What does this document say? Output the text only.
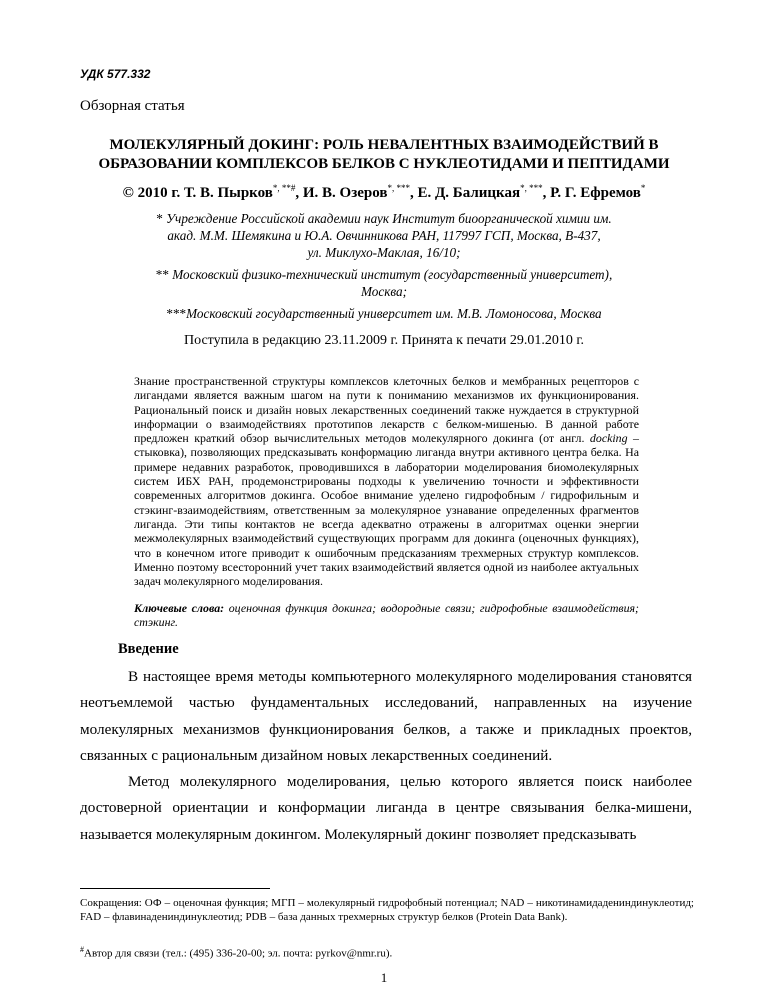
УДК 577.332
Обзорная статья
МОЛЕКУЛЯРНЫЙ ДОКИНГ: РОЛЬ НЕВАЛЕНТНЫХ ВЗАИМОДЕЙСТВИЙ В
ОБРАЗОВАНИИ КОМПЛЕКСОВ БЕЛКОВ С НУКЛЕОТИДАМИ И ПЕПТИДАМИ
© 2010 г. Т. В. Пырков*, **#, И. В. Озеров*, ***, Е. Д. Балицкая*, ***, Р. Г. Ефремов*
* Учреждение Российской академии наук Институт биоорганической химии им.
акад. М.М. Шемякина и Ю.А. Овчинникова РАН, 117997 ГСП, Москва, В-437,
ул. Миклухо-Маклая, 16/10;
** Московский физико-технический институт (государственный университет),
Москва;
***Московский государственный университет им. М.В. Ломоносова, Москва
Поступила в редакцию 23.11.2009 г. Принята к печати 29.01.2010 г.
Знание пространственной структуры комплексов клеточных белков и мембранных рецепторов с лигандами является важным шагом на пути к пониманию механизмов их функционирования. Рациональный поиск и дизайн новых лекарственных соединений также нуждается в структурной информации о взаимодействиях прототипов лекарств с белком-мишенью. В данной работе предложен краткий обзор вычислительных методов молекулярного докинга (от англ. docking – стыковка), позволяющих предсказывать конформацию лиганда внутри активного центра белка. На примере недавних разработок, проводившихся в лаборатории моделирования биомолекулярных систем ИБХ РАН, продемонстрированы подходы к увеличению точности и эффективности современных алгоритмов докинга. Особое внимание уделено гидрофобным / гидрофильным и стэкинг-взаимодействиям, ответственным за молекулярное узнавание определенных фрагментов лиганда. Эти типы контактов не всегда адекватно отражены в алгоритмах оценки энергии межмолекулярных взаимодействий существующих программ для докинга (оценочных функциях), что в конечном итоге приводит к ошибочным предсказаниям трехмерных структур комплексов. Именно поэтому всесторонний учет таких взаимодействий является одной из наиболее актуальных задач молекулярного моделирования.
Ключевые слова: оценочная функция докинга; водородные связи; гидрофобные взаимодействия; стэкинг.
Введение
В настоящее время методы компьютерного молекулярного моделирования становятся неотъемлемой частью фундаментальных исследований, направленных на изучение молекулярных механизмов функционирования белков, а также и прикладных проектов, связанных с рациональным дизайном новых лекарственных соединений.
Метод молекулярного моделирования, целью которого является поиск наиболее достоверной ориентации и конформации лиганда в центре связывания белка-мишени, называется молекулярным докингом. Молекулярный докинг позволяет предсказывать
Сокращения: ОФ – оценочная функция; МГП – молекулярный гидрофобный потенциал; NAD – никотинамидадениндинуклеотид; FAD – флавинадениндинуклеотид; PDB – база данных трехмерных структур белков (Protein Data Bank).
#Автор для связи (тел.: (495) 336-20-00; эл. почта: pyrkov@nmr.ru).
1
